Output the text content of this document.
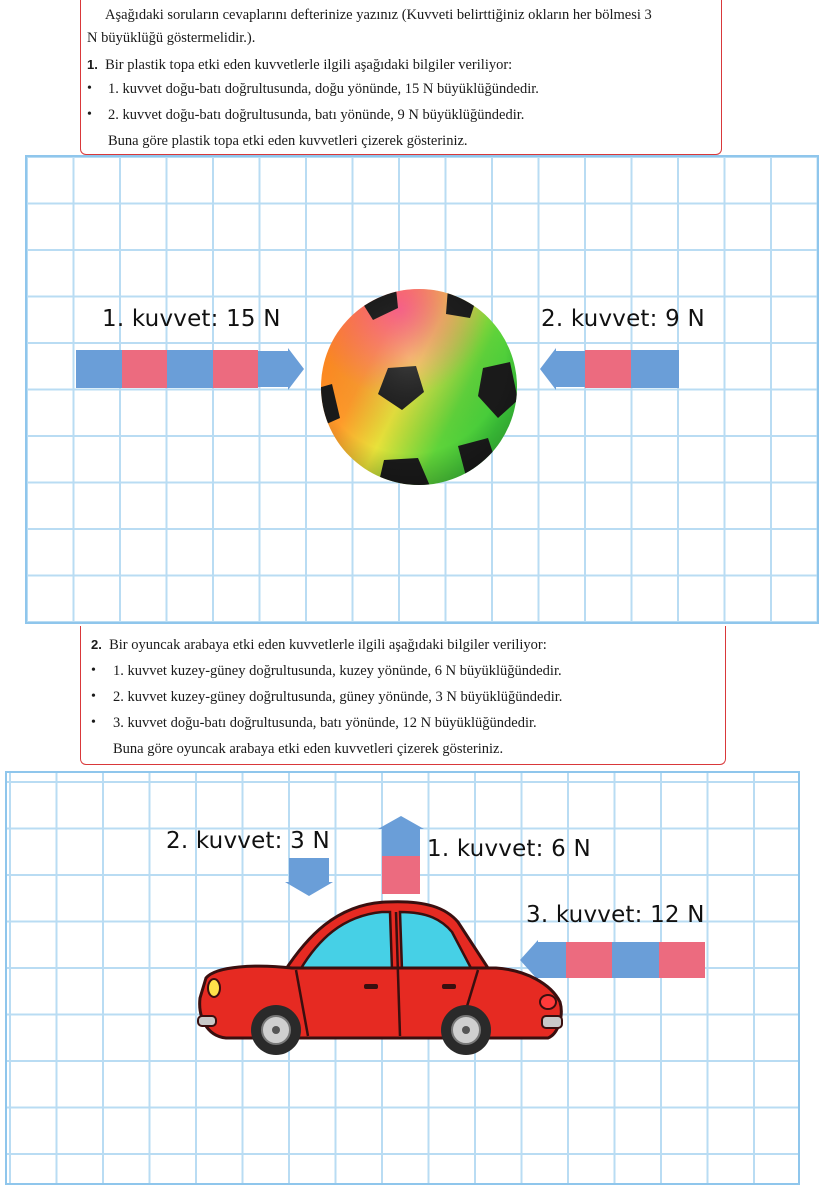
Aşağıdaki soruların cevaplarını defterinize yazınız (Kuvveti belirttiğiniz okların her bölmesi 3
N büyüklüğü göstermelidir.).
1. Bir plastik topa etki eden kuvvetlerle ilgili aşağıdaki bilgiler veriliyor:
• 1. kuvvet doğu-batı doğrultusunda, doğu yönünde, 15 N büyüklüğündedir.
• 2. kuvvet doğu-batı doğrultusunda, batı yönünde, 9 N büyüklüğündedir.
Buna göre plastik topa etki eden kuvvetleri çizerek gösteriniz.
1. kuvvet: 15 N	2. kuvvet: 9 N
2. Bir oyuncak arabaya etki eden kuvvetlerle ilgili aşağıdaki bilgiler veriliyor:
• 1. kuvvet kuzey-güney doğrultusunda, kuzey yönünde, 6 N büyüklüğündedir.
• 2. kuvvet kuzey-güney doğrultusunda, güney yönünde, 3 N büyüklüğündedir.
• 3. kuvvet doğu-batı doğrultusunda, batı yönünde, 12 N büyüklüğündedir.
Buna göre oyuncak arabaya etki eden kuvvetleri çizerek gösteriniz.
2. kuvvet: 3 N	1. kuvvet: 6 N
3. kuvvet: 12 N
